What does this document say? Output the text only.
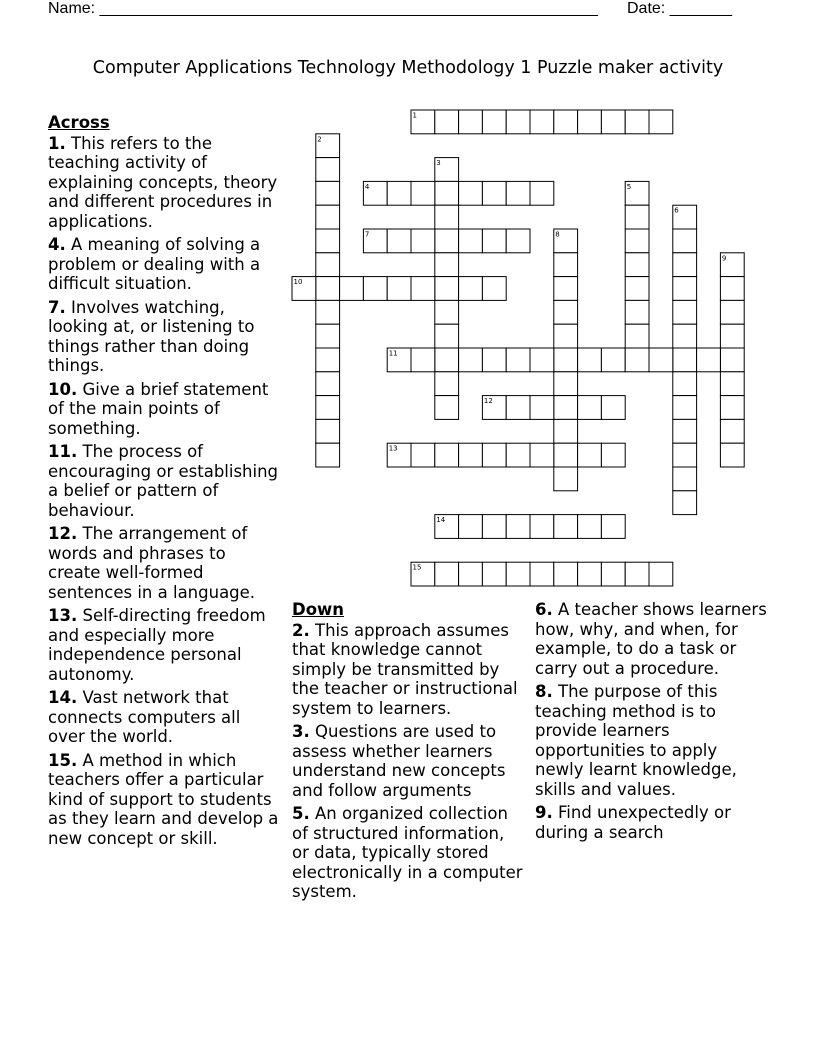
Name: ________________________________________________________ Date: _______
Computer Applications Technology Methodology 1 Puzzle maker activity
1
2
3
4	5
6
7	8
9
10
11
12
13
14
15
Across
1. This refers to the teaching activity of explaining concepts, theory and different procedures in applications.
4. A meaning of solving a problem or dealing with a difficult situation.
7. Involves watching, looking at, or listening to things rather than doing things.
10. Give a brief statement of the main points of something.
11. The process of encouraging or establishing a belief or pattern of behaviour.
12. The arrangement of words and phrases to create well-formed sentences in a language.
13. Self-directing freedom and especially more independence personal autonomy.
14. Vast network that connects computers all over the world.
15. A method in which teachers offer a particular kind of support to students as they learn and develop a new concept or skill.
Down
2. This approach assumes that knowledge cannot simply be transmitted by the teacher or instructional system to learners.
3. Questions are used to assess whether learners understand new concepts and follow arguments
5. An organized collection of structured information, or data, typically stored electronically in a computer system.
6. A teacher shows learners how, why, and when, for example, to do a task or carry out a procedure.
8. The purpose of this teaching method is to provide learners opportunities to apply newly learnt knowledge, skills and values.
9. Find unexpectedly or during a search
